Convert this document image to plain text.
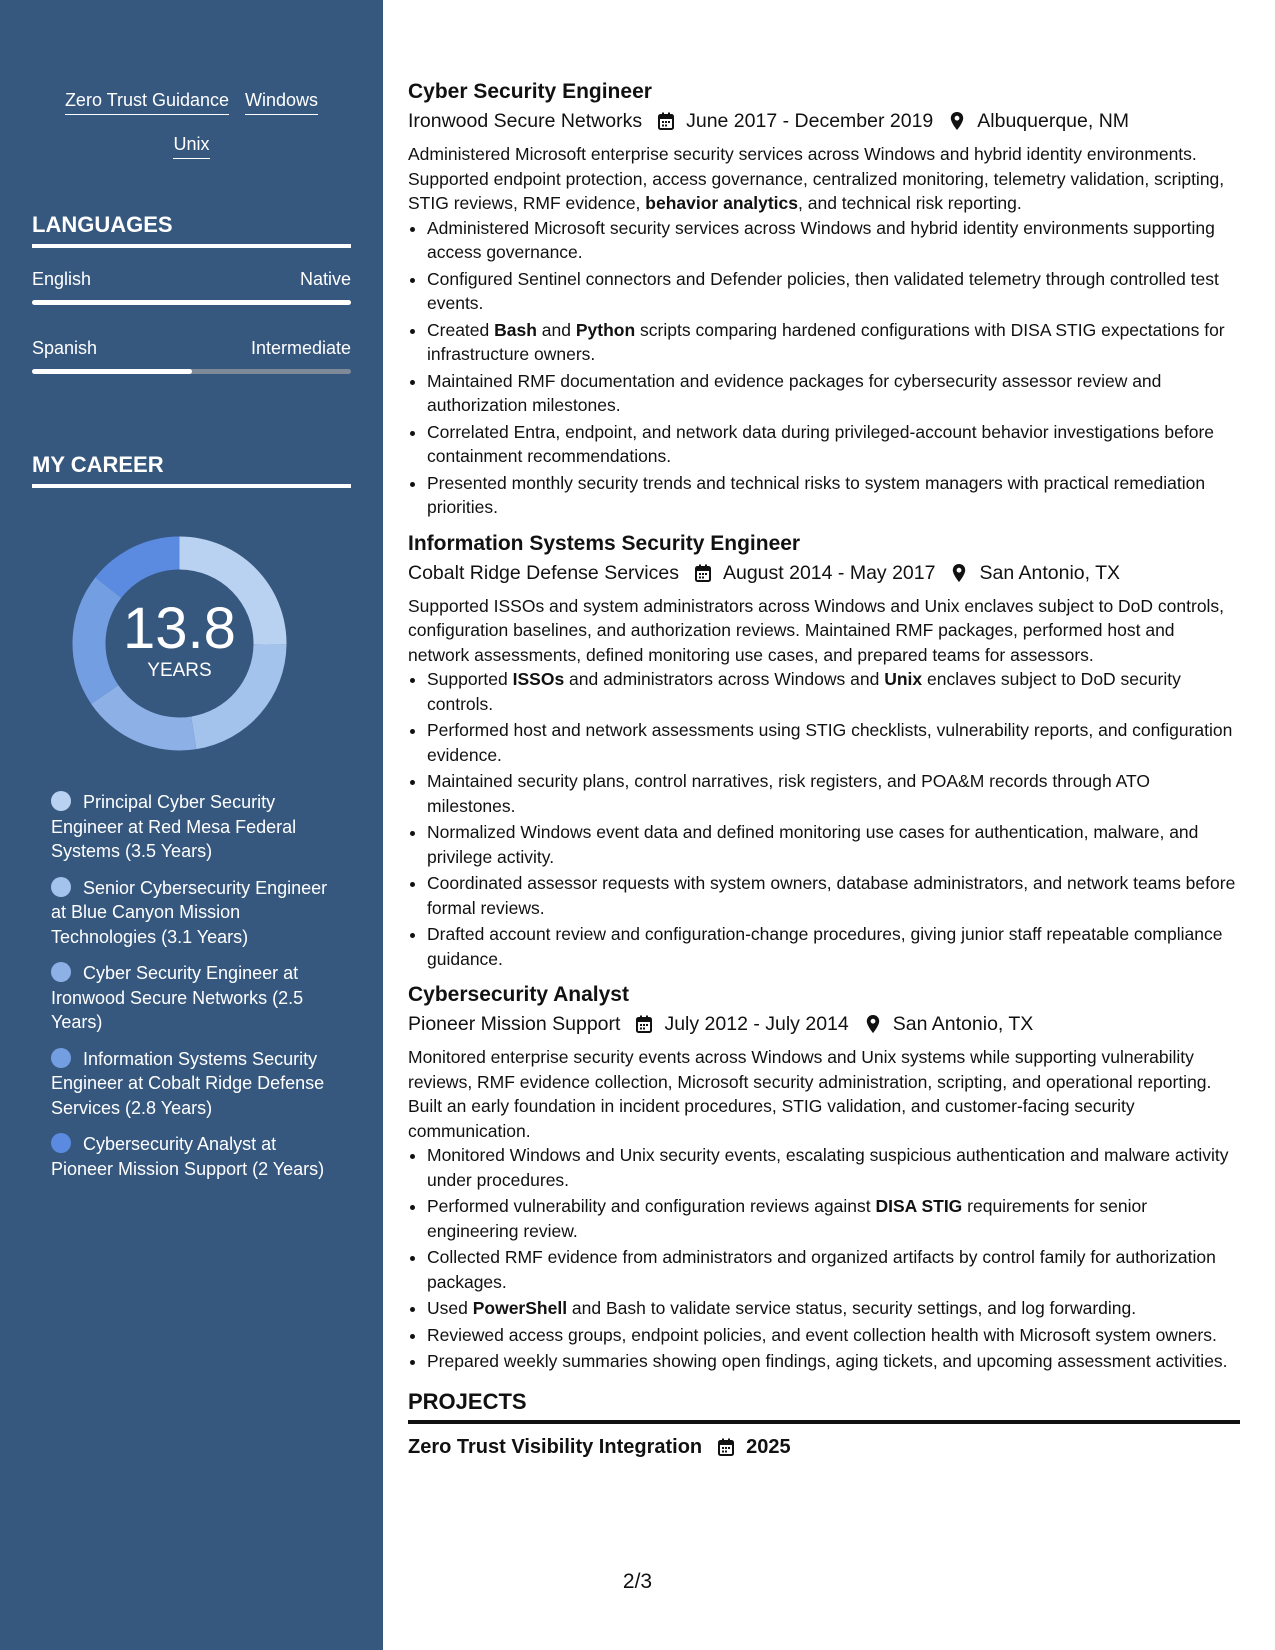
Zero Trust Guidance Windows
Unix
LANGUAGES
English	Native
Spanish	Intermediate
MY CAREER
13.8
YEARS
Principal Cyber Security Engineer at Red Mesa Federal Systems (3.5 Years)
Senior Cybersecurity Engineer at Blue Canyon Mission Technologies (3.1 Years)
Cyber Security Engineer at Ironwood Secure Networks (2.5 Years)
Information Systems Security Engineer at Cobalt Ridge Defense Services (2.8 Years)
Cybersecurity Analyst at Pioneer Mission Support (2 Years)
Cyber Security Engineer
Ironwood Secure Networks June 2017 - December 2019 Albuquerque, NM
Administered Microsoft enterprise security services across Windows and hybrid identity environments. Supported endpoint protection, access governance, centralized monitoring, telemetry validation, scripting, STIG reviews, RMF evidence, behavior analytics, and technical risk reporting.
• Administered Microsoft security services across Windows and hybrid identity environments supporting access governance.
• Configured Sentinel connectors and Defender policies, then validated telemetry through controlled test events.
• Created Bash and Python scripts comparing hardened configurations with DISA STIG expectations for infrastructure owners.
• Maintained RMF documentation and evidence packages for cybersecurity assessor review and authorization milestones.
• Correlated Entra, endpoint, and network data during privileged-account behavior investigations before containment recommendations.
• Presented monthly security trends and technical risks to system managers with practical remediation priorities.
Information Systems Security Engineer
Cobalt Ridge Defense Services August 2014 - May 2017 San Antonio, TX
Supported ISSOs and system administrators across Windows and Unix enclaves subject to DoD controls, configuration baselines, and authorization reviews. Maintained RMF packages, performed host and network assessments, defined monitoring use cases, and prepared teams for assessors.
• Supported ISSOs and administrators across Windows and Unix enclaves subject to DoD security controls.
• Performed host and network assessments using STIG checklists, vulnerability reports, and configuration evidence.
• Maintained security plans, control narratives, risk registers, and POA&M records through ATO milestones.
• Normalized Windows event data and defined monitoring use cases for authentication, malware, and privilege activity.
• Coordinated assessor requests with system owners, database administrators, and network teams before formal reviews.
• Drafted account review and configuration-change procedures, giving junior staff repeatable compliance guidance.
Cybersecurity Analyst
Pioneer Mission Support July 2012 - July 2014 San Antonio, TX
Monitored enterprise security events across Windows and Unix systems while supporting vulnerability reviews, RMF evidence collection, Microsoft security administration, scripting, and operational reporting. Built an early foundation in incident procedures, STIG validation, and customer-facing security communication.
• Monitored Windows and Unix security events, escalating suspicious authentication and malware activity under procedures.
• Performed vulnerability and configuration reviews against DISA STIG requirements for senior engineering review.
• Collected RMF evidence from administrators and organized artifacts by control family for authorization packages.
• Used PowerShell and Bash to validate service status, security settings, and log forwarding.
• Reviewed access groups, endpoint policies, and event collection health with Microsoft system owners.
• Prepared weekly summaries showing open findings, aging tickets, and upcoming assessment activities.
PROJECTS
Zero Trust Visibility Integration 2025
2/3
